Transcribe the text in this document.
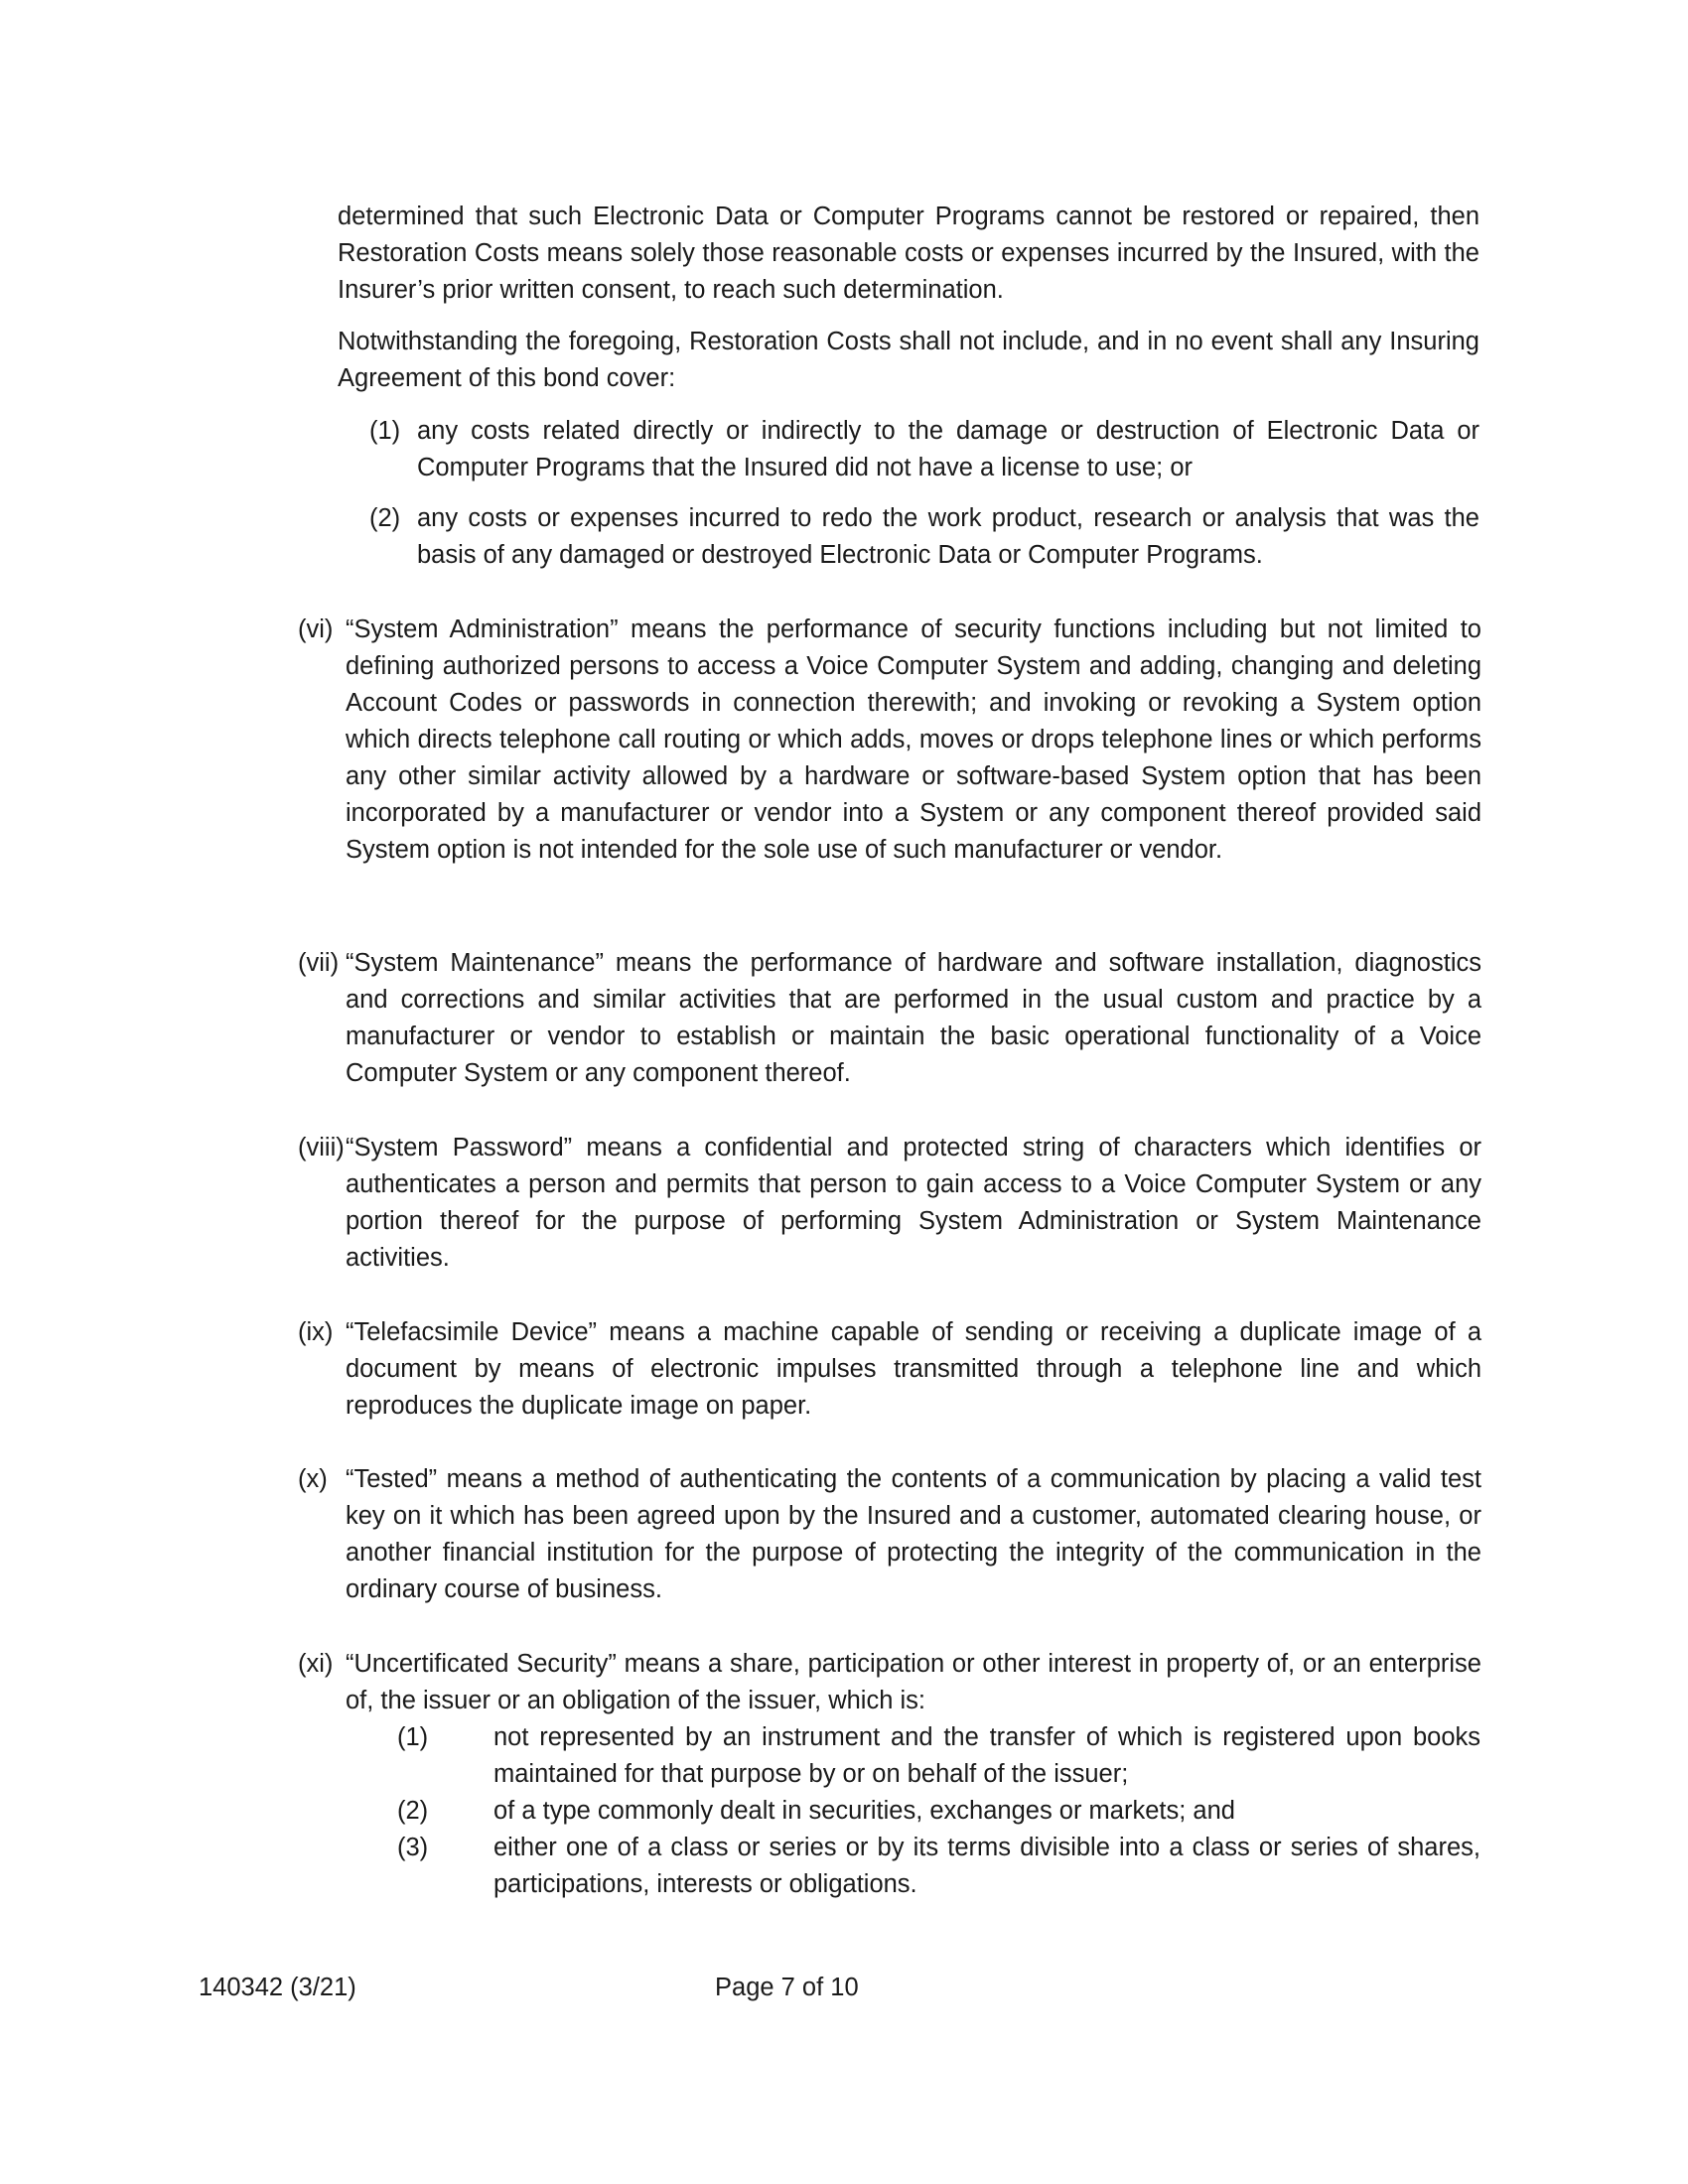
determined that such Electronic Data or Computer Programs cannot be restored or repaired, then Restoration Costs means solely those reasonable costs or expenses incurred by the Insured, with the Insurer’s prior written consent, to reach such determination.

Notwithstanding the foregoing, Restoration Costs shall not include, and in no event shall any Insuring Agreement of this bond cover:

(1) any costs related directly or indirectly to the damage or destruction of Electronic Data or Computer Programs that the Insured did not have a license to use; or

(2) any costs or expenses incurred to redo the work product, research or analysis that was the basis of any damaged or destroyed Electronic Data or Computer Programs.

(vi) “System Administration” means the performance of security functions including but not limited to defining authorized persons to access a Voice Computer System and adding, changing and deleting Account Codes or passwords in connection therewith; and invoking or revoking a System option which directs telephone call routing or which adds, moves or drops telephone lines or which performs any other similar activity allowed by a hardware or software-based System option that has been incorporated by a manufacturer or vendor into a System or any component thereof provided said System option is not intended for the sole use of such manufacturer or vendor.

(vii) “System Maintenance” means the performance of hardware and software installation, diagnostics and corrections and similar activities that are performed in the usual custom and practice by a manufacturer or vendor to establish or maintain the basic operational functionality of a Voice Computer System or any component thereof.

(viii) “System Password” means a confidential and protected string of characters which identifies or authenticates a person and permits that person to gain access to a Voice Computer System or any portion thereof for the purpose of performing System Administration or System Maintenance activities.

(ix) “Telefacsimile Device” means a machine capable of sending or receiving a duplicate image of a document by means of electronic impulses transmitted through a telephone line and which reproduces the duplicate image on paper.

(x) “Tested” means a method of authenticating the contents of a communication by placing a valid test key on it which has been agreed upon by the Insured and a customer, automated clearing house, or another financial institution for the purpose of protecting the integrity of the communication in the ordinary course of business.

(xi) “Uncertificated Security” means a share, participation or other interest in property of, or an enterprise of, the issuer or an obligation of the issuer, which is:

(1)	not represented by an instrument and the transfer of which is registered upon books maintained for that purpose by or on behalf of the issuer;

(2)	of a type commonly dealt in securities, exchanges or markets; and

(3)	either one of a class or series or by its terms divisible into a class or series of shares, participations, interests or obligations.

140342 (3/21)	Page 7 of 10
